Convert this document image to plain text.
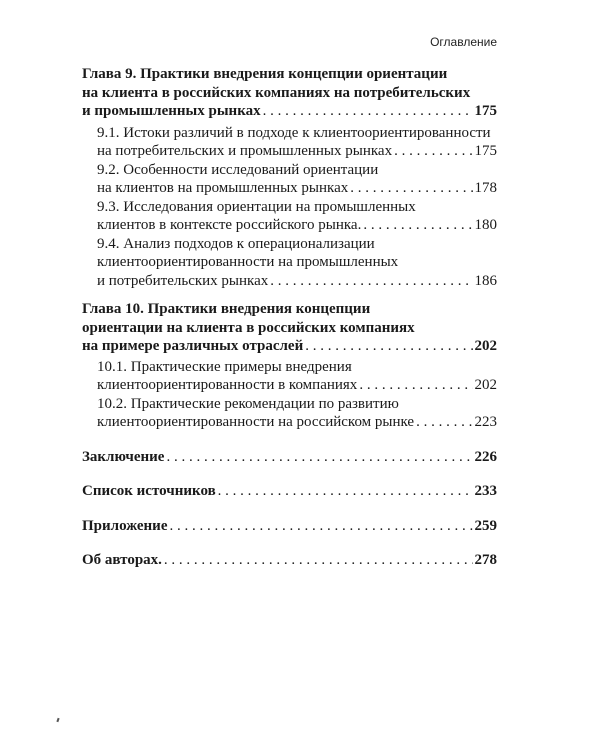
Оглавление
Глава 9. Практики внедрения концепции ориентации
на клиента в российских компаниях на потребительских
и промышленных рынках . . .	175
9.1. Истоки различий в подходе к клиентоориентированности
на потребительских и промышленных рынках . . .	175
9.2. Особенности исследований ориентации
на клиентов на промышленных рынках . . .	178
9.3. Исследования ориентации на промышленных
клиентов в контексте российского рынка. . . .	180
9.4. Анализ подходов к операционализации
клиентоориентированности на промышленных
и потребительских рынках . . .	186
Глава 10. Практики внедрения концепции
ориентации на клиента в российских компаниях
на примере различных отраслей . . .	202
10.1. Практические примеры внедрения
клиентоориентированности в компаниях . . .	202
10.2. Практические рекомендации по развитию
клиентоориентированности на российском рынке . . .	223
Заключение . . .	226
Список источников . . .	233
Приложение . . .	259
Об авторах. . . .	278
